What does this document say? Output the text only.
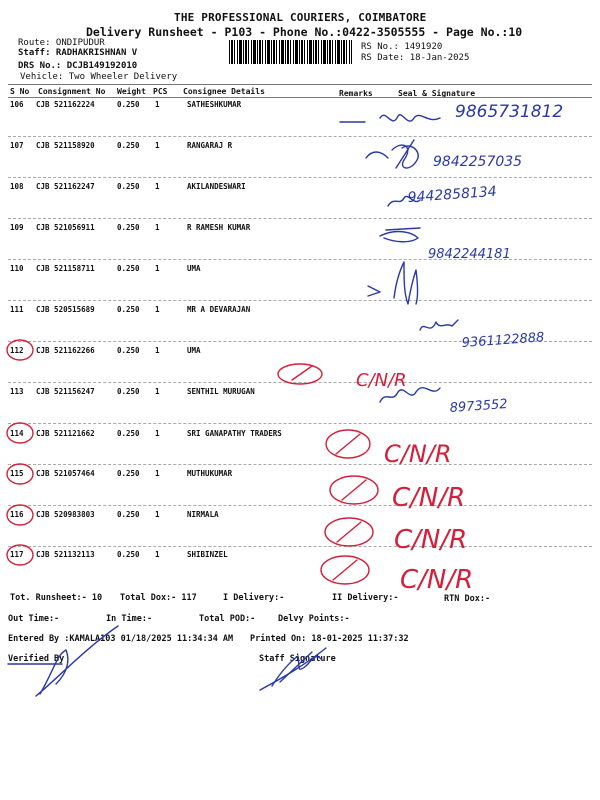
THE PROFESSIONAL COURIERS, COIMBATORE
Delivery Runsheet - P103 - Phone No.:0422-3505555 - Page No.:10
Route: ONDIPUDUR
Staff: RADHAKRISHNAN V
DRS No.: DCJB149192010
Vehicle: Two Wheeler Delivery
RS No.: 1491920
RS Date: 18-Jan-2025
S No Consignment No Weight PCS Consignee Details	Remarks	Seal & Signature
106 CJB 521162224	0.250 1	SATHESHKUMAR
107 CJB 521158920	0.250 1	RANGARAJ R
108 CJB 521162247	0.250 1	AKILANDESWARI
109 CJB 521056911	0.250 1	R RAMESH KUMAR
110 CJB 521158711	0.250 1	UMA
111 CJB 520515689	0.250 1	MR A DEVARAJAN
112 CJB 521162266	0.250 1	UMA
113 CJB 521156247	0.250 1	SENTHIL MURUGAN
114 CJB 521121662	0.250 1	SRI GANAPATHY TRADERS
115 CJB 521057464	0.250 1	MUTHUKUMAR
116 CJB 520983803	0.250 1	NIRMALA
117 CJB 521132113	0.250 1	SHIBINZEL
Tot. Runsheet:- 10 Total Dox:- 117	I Delivery:-	II Delivery:-	RTN Dox:-
Out Time:-	In Time:-	Total POD:-	Delvy Points:-
Entered By :KAMALA103 01/18/2025 11:34:34 AM Printed On: 18-01-2025 11:37:32
Verified By	Staff Signature
9865731812
9842257035
9442858134
9842244181
9361122888
8973552
C/N/R
C/N/R
C/N/R
C/N/R
C/N/R
